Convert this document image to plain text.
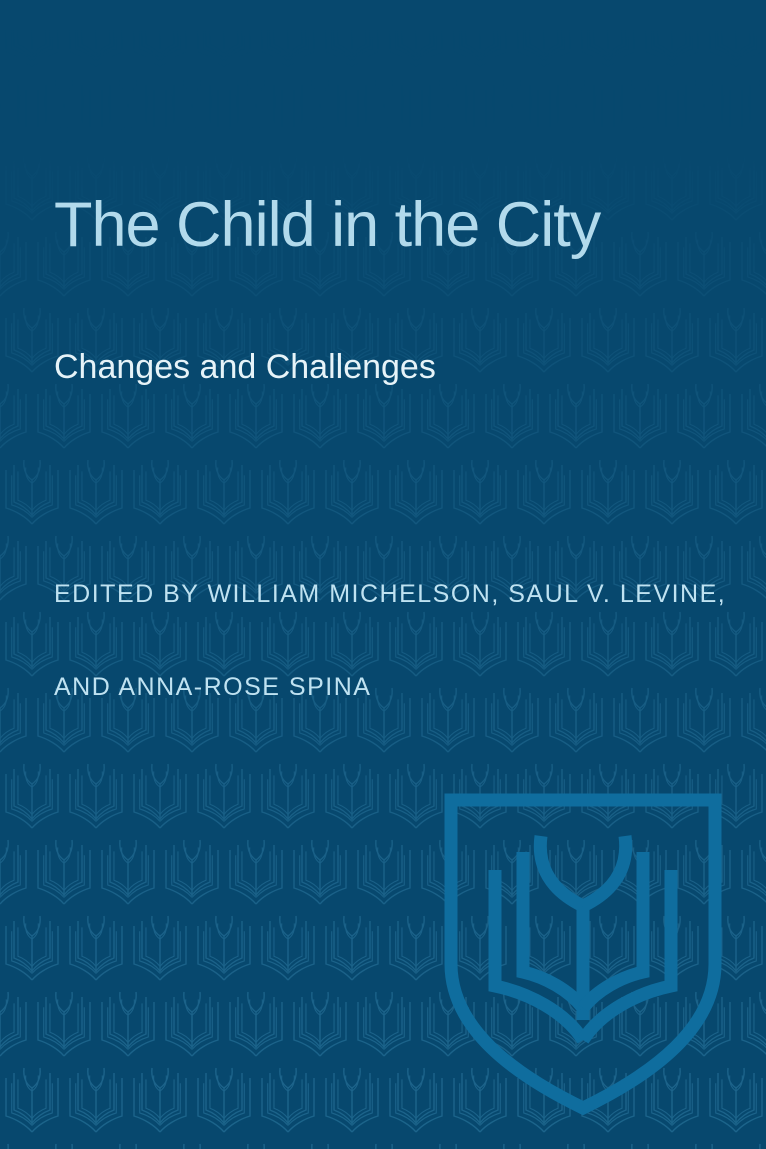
The Child in the City
Changes and Challenges

EDITED BY WILLIAM MICHELSON, SAUL V. LEVINE,

AND ANNA-ROSE SPINA
